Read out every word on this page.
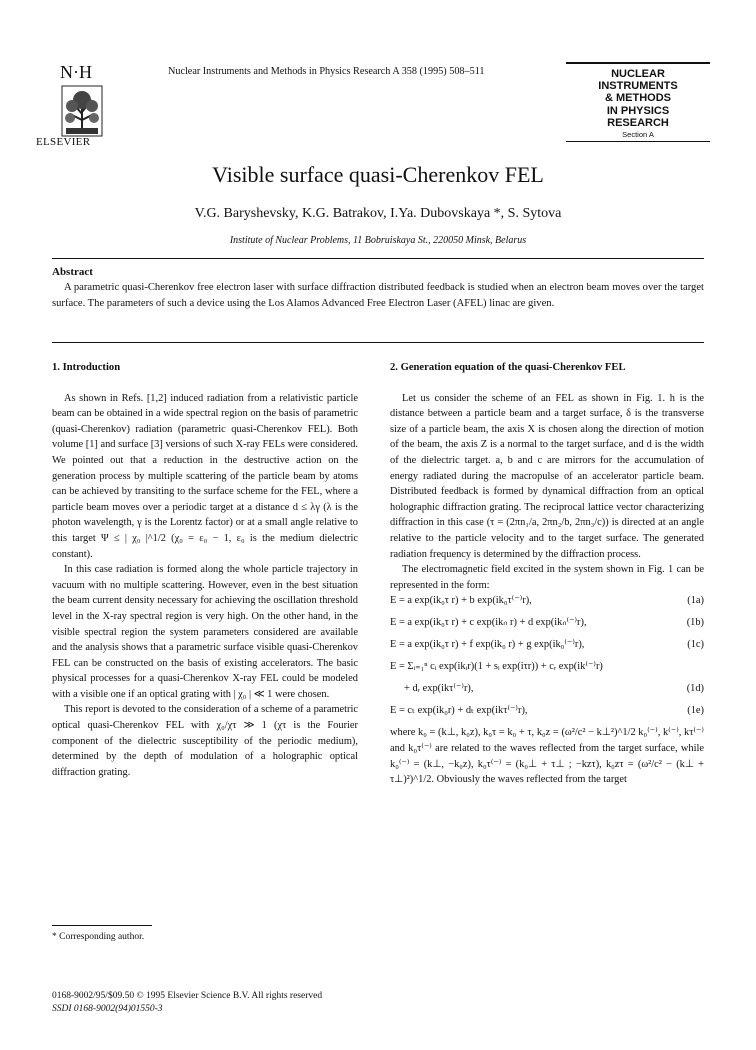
N·H
ELSEVIER
Nuclear Instruments and Methods in Physics Research A 358 (1995) 508–511	NUCLEAR
INSTRUMENTS
& METHODS
IN PHYSICS
RESEARCH
Section A
Visible surface quasi-Cherenkov FEL
V.G. Baryshevsky, K.G. Batrakov, I.Ya. Dubovskaya *, S. Sytova
Institute of Nuclear Problems, 11 Bobruiskaya St., 220050 Minsk, Belarus
Abstract
A parametric quasi-Cherenkov free electron laser with surface diffraction distributed feedback is studied when an electron beam moves over the target surface. The parameters of such a device using the Los Alamos Advanced Free Electron Laser (AFEL) linac are given.
1. Introduction

As shown in Refs. [1,2] induced radiation from a relativistic particle beam can be obtained in a wide spectral region on the basis of parametric (quasi-Cherenkov) radiation (parametric quasi-Cherenkov FEL). Both volume [1] and surface [3] versions of such X-ray FELs were considered. We pointed out that a reduction in the destructive action on the generation process by multiple scattering of the particle beam by atoms can be achieved by transiting to the surface scheme for the FEL, where a particle beam moves over a periodic target at a distance d ≤ λγ (λ is the photon wavelength, γ is the Lorentz factor) or at a small angle relative to this target Ψ ≤ | χ₀ |^1/2 (χ₀ = ε₀ − 1, ε₀ is the medium dielectric constant).

In this case radiation is formed along the whole particle trajectory in vacuum with no multiple scattering. However, even in the best situation the beam current density necessary for achieving the oscillation threshold level in the X-ray spectral region is very high. On the other hand, in the visible spectral region the system parameters considered are available and the analysis shows that a parametric surface visible quasi-Cherenkov FEL can be constructed on the basis of existing accelerators. The basic physical processes for a quasi-Cherenkov X-ray FEL could be modeled with a visible one if an optical grating with | χ₀ | ≪ 1 were chosen.

This report is devoted to the consideration of a scheme of a parametric optical quasi-Cherenkov FEL with χ₀/χτ ≫ 1 (χτ is the Fourier component of the dielectric susceptibility of the periodic medium), determined by the depth of modulation of a holographic optical diffraction grating.

* Corresponding author.
2. Generation equation of the quasi-Cherenkov FEL

Let us consider the scheme of an FEL as shown in Fig. 1. h is the distance between a particle beam and a target surface, δ is the transverse size of a particle beam, the axis X is chosen along the direction of motion of the beam, the axis Z is a normal to the target surface, and d is the width of the dielectric target. a, b and c are mirrors for the accumulation of energy radiated during the macropulse of an accelerator particle beam. Distributed feedback is formed by dynamical diffraction from an optical holographic diffraction grating. The reciprocal lattice vector characterizing diffraction in this case (τ = (2πn₁/a, 2πn₂/b, 2πn₃/c)) is directed at an angle relative to the particle velocity and to the target surface. The generated radiation frequency is determined by the diffraction process.

The electromagnetic field excited in the system shown in Fig. 1 can be represented in the form:

E = a exp(ik₀τ r) + b exp(ik₀τ⁽⁻⁾r),	(1a)
E = a exp(ik₀τ r) + c exp(ikₙ r) + d exp(ikₙ⁽⁻⁾r),	(1b)
E = a exp(ik₀τ r) + f exp(ik₀ r) + g exp(ik₀⁽⁻⁾r),	(1c)
E = Σᵢ₌₁ⁿ cᵢ exp(ikᵢr)(1 + sᵢ exp(iτr)) + cᵣ exp(ik⁽⁻⁾r)
+ dᵣ exp(ikτ⁽⁻⁾r),	(1d)
E = cₜ exp(ik₀r) + dₜ exp(ikτ⁽⁻⁾r),	(1e)

where k₀ = (k⊥, k₀z), k₀τ = k₀ + τ, k₀z = (ω²/c² − k⊥²)^1/2 k₀⁽⁻⁾, k⁽⁻⁾, kτ⁽⁻⁾ and k₀τ⁽⁻⁾ are related to the waves reflected from the target surface, while k₀⁽⁻⁾ = (k⊥, −k₀z), k₀τ⁽⁻⁾ = (k₀⊥ + τ⊥ ; −kzτ), k₀zτ = (ω²/c² − (k⊥ + τ⊥)²)^1/2. Obviously the waves reflected from the target

0168-9002/95/$09.50 © 1995 Elsevier Science B.V. All rights reserved
SSDI 0168-9002(94)01550-3
